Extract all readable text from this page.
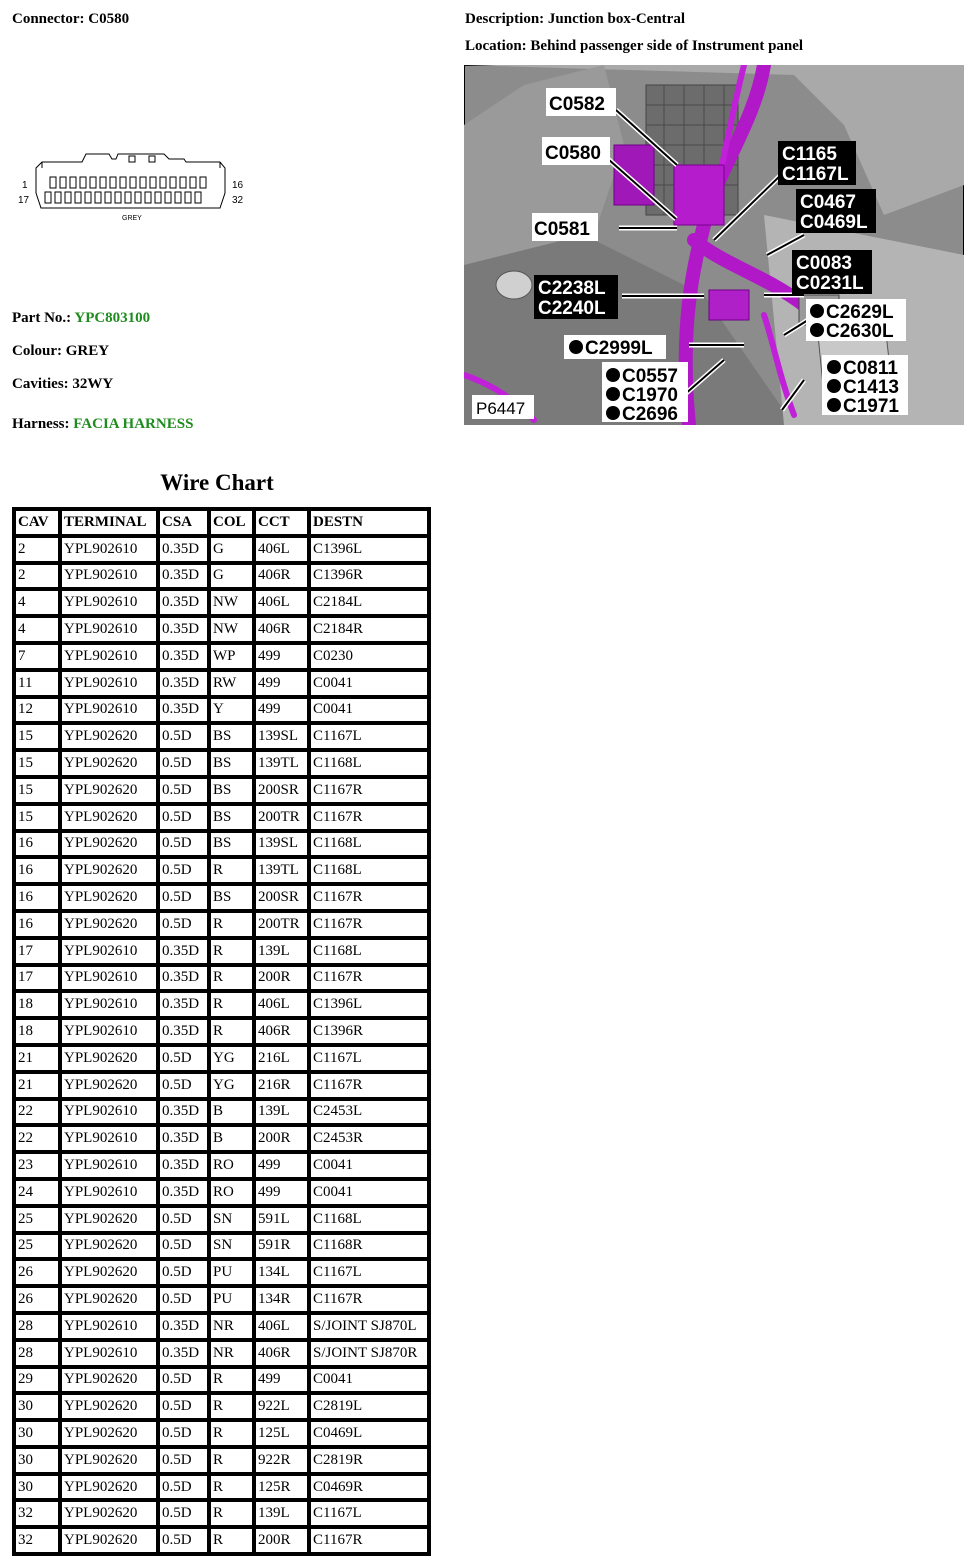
Connector: C0580	Description: Junction box-Central
Location: Behind passenger side of Instrument panel
1	16
17	32
GREY
Part No.: YPC803100
Colour: GREY
Cavities: 32WY
Harness: FACIA HARNESS
C0582
C0580
C0581
C1165
C1167L
C0467
C0469L
C0083
C0231L
C2238L
C2240L	C2629L
C2630L
C2999L
C0557
C1970
C2696
C0811
C1413
C1971
P6447
Wire Chart
CAV	TERMINAL	CSA	COL	CCT	DESTN
2	YPL902610	0.35D	G	406L	C1396L
2	YPL902610	0.35D	G	406R	C1396R
4	YPL902610	0.35D	NW	406L	C2184L
4	YPL902610	0.35D	NW	406R	C2184R
7	YPL902610	0.35D	WP	499	C0230
11	YPL902610	0.35D	RW	499	C0041
12	YPL902610	0.35D	Y	499	C0041
15	YPL902620	0.5D	BS	139SL	C1167L
15	YPL902620	0.5D	BS	139TL	C1168L
15	YPL902620	0.5D	BS	200SR	C1167R
15	YPL902620	0.5D	BS	200TR	C1167R
16	YPL902620	0.5D	BS	139SL	C1168L
16	YPL902620	0.5D	R	139TL	C1168L
16	YPL902620	0.5D	BS	200SR	C1167R
16	YPL902620	0.5D	R	200TR	C1167R
17	YPL902610	0.35D	R	139L	C1168L
17	YPL902610	0.35D	R	200R	C1167R
18	YPL902610	0.35D	R	406L	C1396L
18	YPL902610	0.35D	R	406R	C1396R
21	YPL902620	0.5D	YG	216L	C1167L
21	YPL902620	0.5D	YG	216R	C1167R
22	YPL902610	0.35D	B	139L	C2453L
22	YPL902610	0.35D	B	200R	C2453R
23	YPL902610	0.35D	RO	499	C0041
24	YPL902610	0.35D	RO	499	C0041
25	YPL902620	0.5D	SN	591L	C1168L
25	YPL902620	0.5D	SN	591R	C1168R
26	YPL902620	0.5D	PU	134L	C1167L
26	YPL902620	0.5D	PU	134R	C1167R
28	YPL902610	0.35D	NR	406L	S/JOINT SJ870L
28	YPL902610	0.35D	NR	406R	S/JOINT SJ870R
29	YPL902620	0.5D	R	499	C0041
30	YPL902620	0.5D	R	922L	C2819L
30	YPL902620	0.5D	R	125L	C0469L
30	YPL902620	0.5D	R	922R	C2819R
30	YPL902620	0.5D	R	125R	C0469R
32	YPL902620	0.5D	R	139L	C1167L
32	YPL902620	0.5D	R	200R	C1167R
